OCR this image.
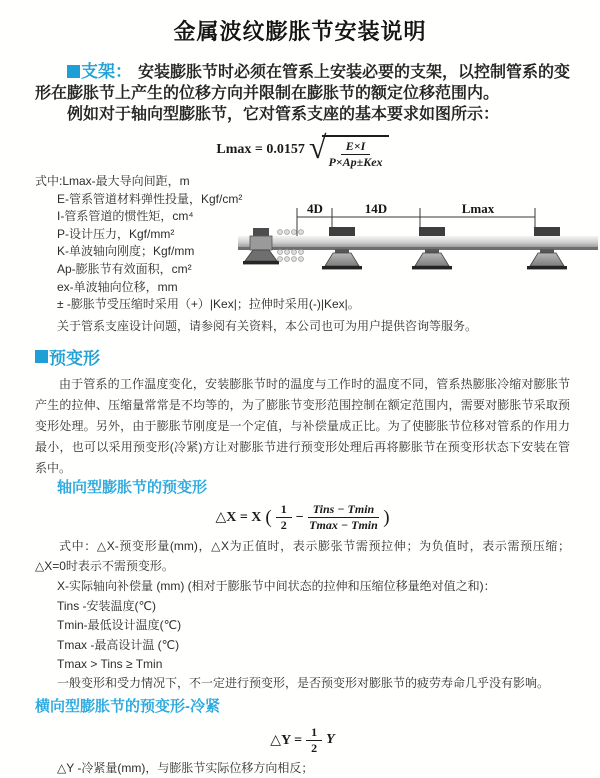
金属波纹膨胀节安装说明

支架： 安装膨胀节时必须在管系上安装必要的支架，以控制管系的变形在膨胀节上产生的位移方向并限制在膨胀节的额定位移范围内。

例如对于轴向型膨胀节，它对管系支座的基本要求如图所示：

Lmax = 0.0157 √ $\frac{E\times I}{\text{P×Ap±Kex}}$
式中:Lmax-最大导向间距，m
E-管系管道材料弹性投量，Kgf/cm²
I-管系管道的惯性矩，cm⁴
P-设计压力，Kgf/mm²
K-单波轴向刚度；Kgf/mm
Ap-膨胀节有效面积，cm²
ex-单波轴向位移，mm
4D	14D	Lmax

± -膨胀节受压缩时采用（+）|Kex|；拉伸时采用(-)|Kex|。

关于管系支座设计问题，请参阅有关资料，本公司也可为用户提供咨询等服务。

预变形

由于管系的工作温度变化，安装膨胀节时的温度与工作时的温度不同，管系热膨胀冷缩对膨胀节产生的拉伸、压缩量常常是不均等的，为了膨胀节变形范围控制在额定范围内，需要对膨胀节采取预变形处理。另外，由于膨胀节刚度是一个定值，与补偿量成正比。为了使膨胀节位移对管系的作用力最小，也可以采用预变形(冷紧)方让对膨胀节进行预变形处理后再将膨胀节在预变形状态下安装在管系中。

轴向型膨胀节的预变形
△X = X ( $\frac{1}{2} - \frac{\text{Tins − Tmin}}{Tmax - Tmin}$ )

式中：△X-预变形量(mm)，△X为正值时，表示膨张节需预拉伸；为负值时，表示需预压缩；△X=0时表示不需预变形。

X-实际轴向补偿量 (mm) (相对于膨胀节中间状态的拉伸和压缩位移量绝对值之和)：
Tins -安装温度(℃)
Tmin-最低设计温度(℃)
Tmax -最高设计温 (℃)
Tmax > Tins ≥ Tmin

一般变形和受力情况下，不一定进行预变形，是否预变形对膨胀节的疲劳寿命几乎没有影响。

横向型膨胀节的预变形-冷紧
△Y = $\frac{1}{2}$ Y

△Y -冷紧量(mm)，与膨胀节实际位移方向相反；
